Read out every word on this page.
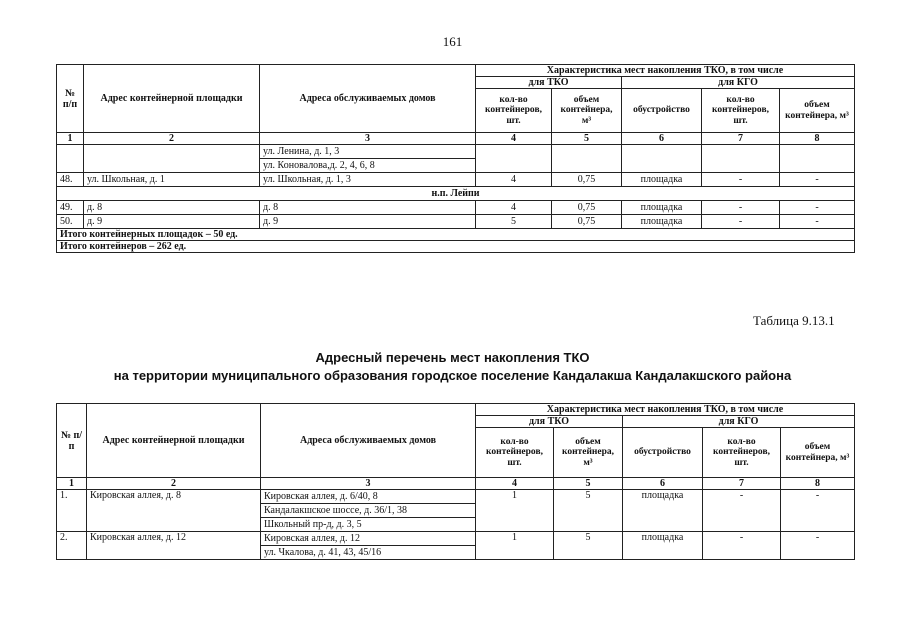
161
№ п/п	Адрес контейнерной площадки	Адреса обслуживаемых домов	Характеристика мест накопления ТКО, в том числе				
			для ТКО		для КГО		
			кол-во контейнеров, шт.	объем контейнера, м³	обустройство	кол-во контейнеров, шт.	объем контейнера, м³
1	2	3	4	5	6	7	8
		ул. Ленина, д. 1, 3					
		ул. Коновалова,д. 2, 4, 6, 8					
48.	ул. Школьная, д. 1	ул. Школьная, д. 1, 3	4	0,75	площадка	-	-
н.п. Лейпи							
49.	д. 8	д. 8	4	0,75	площадка	-	-
50.	д. 9	д. 9	5	0,75	площадка	-	-
Итого контейнерных площадок – 50 ед.							
Итого контейнеров – 262 ед.							
Таблица 9.13.1
Адресный перечень мест накопления ТКО
на территории муниципального образования городское поселение Кандалакша Кандалакшского района
№ п/п	Адрес контейнерной площадки	Адреса обслуживаемых домов	Характеристика мест накопления ТКО, в том числе				
			для ТКО		для КГО		
			кол-во контейнеров, шт.	объем контейнера, м³	обустройство	кол-во контейнеров, шт.	объем контейнера, м³
1	2	3	4	5	6	7	8
1.	Кировская аллея, д. 8	Кировская аллея, д. 6/40, 8	1	5	площадка	-	-
		Кандалакшское шоссе, д. 36/1, 38					
		Школьный пр-д, д. 3, 5					
2.	Кировская аллея, д. 12	Кировская аллея, д. 12	1	5	площадка	-	-
		ул. Чкалова, д. 41, 43, 45/16					
